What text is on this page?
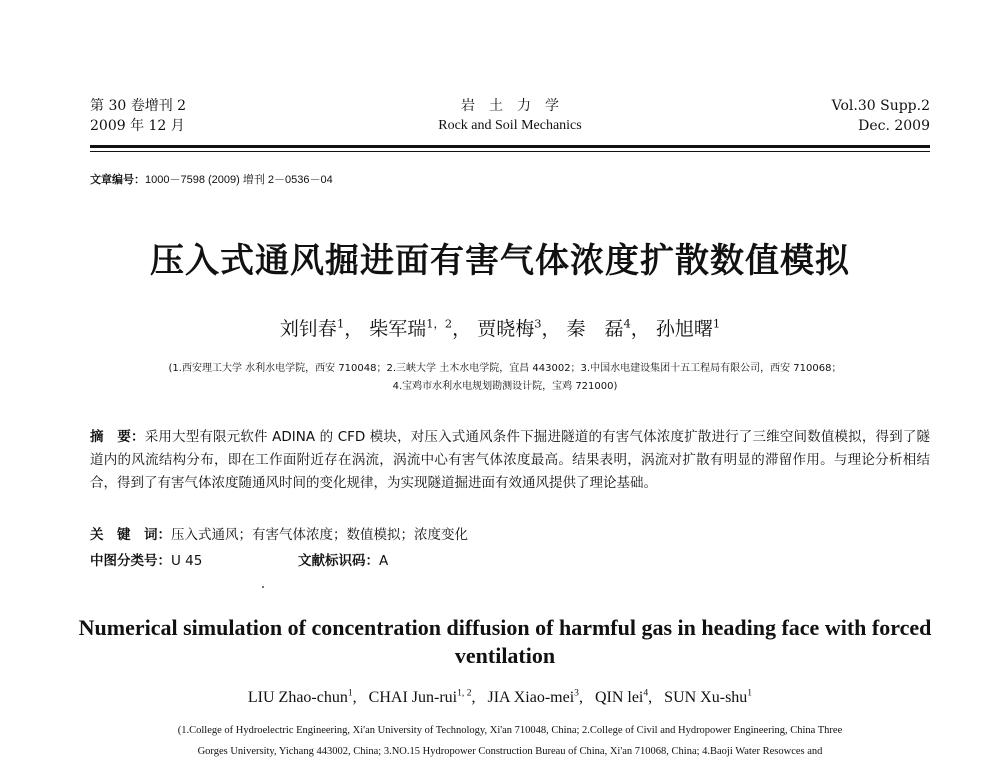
第 30 卷增刊 2
2009 年 12 月
岩土力学
Rock and Soil Mechanics
Vol.30 Supp.2
Dec. 2009
文章编号：1000－7598 (2009) 增刊 2－0536－04
压入式通风掘进面有害气体浓度扩散数值模拟
刘钊春$^1$， 柴军瑞$^{1,2}$， 贾晓梅$^3$， 秦　磊$^4$， 孙旭曙$^1$
(1.西安理工大学 水利水电学院，西安 710048；2.三峡大学 土木水电学院，宜昌 443002；3.中国水电建设集团十五工程局有限公司，西安 710068；
4.宝鸡市水利水电规划勘测设计院，宝鸡 721000)
摘　要：采用大型有限元软件 ADINA 的 CFD 模块，对压入式通风条件下掘进隧道的有害气体浓度扩散进行了三维空间数值模拟，得到了隧道内的风流结构分布，即在工作面附近存在涡流，涡流中心有害气体浓度最高。结果表明，涡流对扩散有明显的滞留作用。与理论分析相结合，得到了有害气体浓度随通风时间的变化规律，为实现隧道掘进面有效通风提供了理论基础。
关　键　词：压入式通风；有害气体浓度；数值模拟；浓度变化
中图分类号：U 45	文献标识码：A
Numerical simulation of concentration diffusion of harmful gas in heading face with forced ventilation
LIU Zhao-chun$^1$,   CHAI Jun-rui$^{1, 2}$,   JIA Xiao-mei$^3$,   QIN lei$^4$,   SUN Xu-shu$^1$
(1.College of Hydroelectric Engineering, Xi'an University of Technology, Xi'an 710048, China; 2.College of Civil and Hydropower Engineering, China Three
Gorges University, Yichang 443002, China; 3.NO.15 Hydropower Construction Bureau of China, Xi'an 710068, China; 4.Baoji Water Resowces and
